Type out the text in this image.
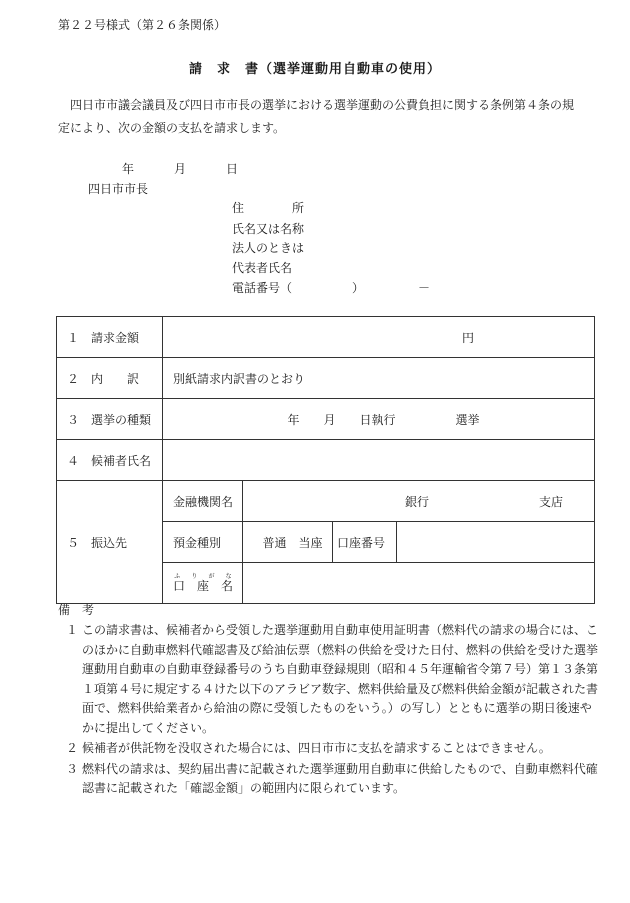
第２２号様式（第２６条関係）
請　求　書（選挙運動用自動車の使用）
四日市市議会議員及び四日市市長の選挙における選挙運動の公費負担に関する条例第４条の規定により、次の金額の支払を請求します。
年	月	日
四日市市長
住　　　　所
氏名又は名称
法人のときは
代表者氏名
電話番号（　　　　　）　　　　　－
１　請求金額	円			
２　内　　訳	別紙請求内訳書のとおり			
３　選挙の種類	年　　月　　日執行 選挙			
４　候補者氏名				
５　振込先	金融機関名	銀行 支店		
	預金種別	普通　当座	口座番号	
	口　座　名ふ　 り　 が　 な				
備　考
１ この請求書は、候補者から受領した選挙運動用自動車使用証明書（燃料代の請求の場合には、このほかに自動車燃料代確認書及び給油伝票（燃料の供給を受けた日付、燃料の供給を受けた選挙運動用自動車の自動車登録番号のうち自動車登録規則（昭和４５年運輸省令第７号）第１３条第１項第４号に規定する４けた以下のアラビア数字、燃料供給量及び燃料供給金額が記載された書面で、燃料供給業者から給油の際に受領したものをいう。）の写し）とともに選挙の期日後速やかに提出してください。
２ 候補者が供託物を没収された場合には、四日市市に支払を請求することはできません。
３ 燃料代の請求は、契約届出書に記載された選挙運動用自動車に供給したもので、自動車燃料代確認書に記載された「確認金額」の範囲内に限られています。
